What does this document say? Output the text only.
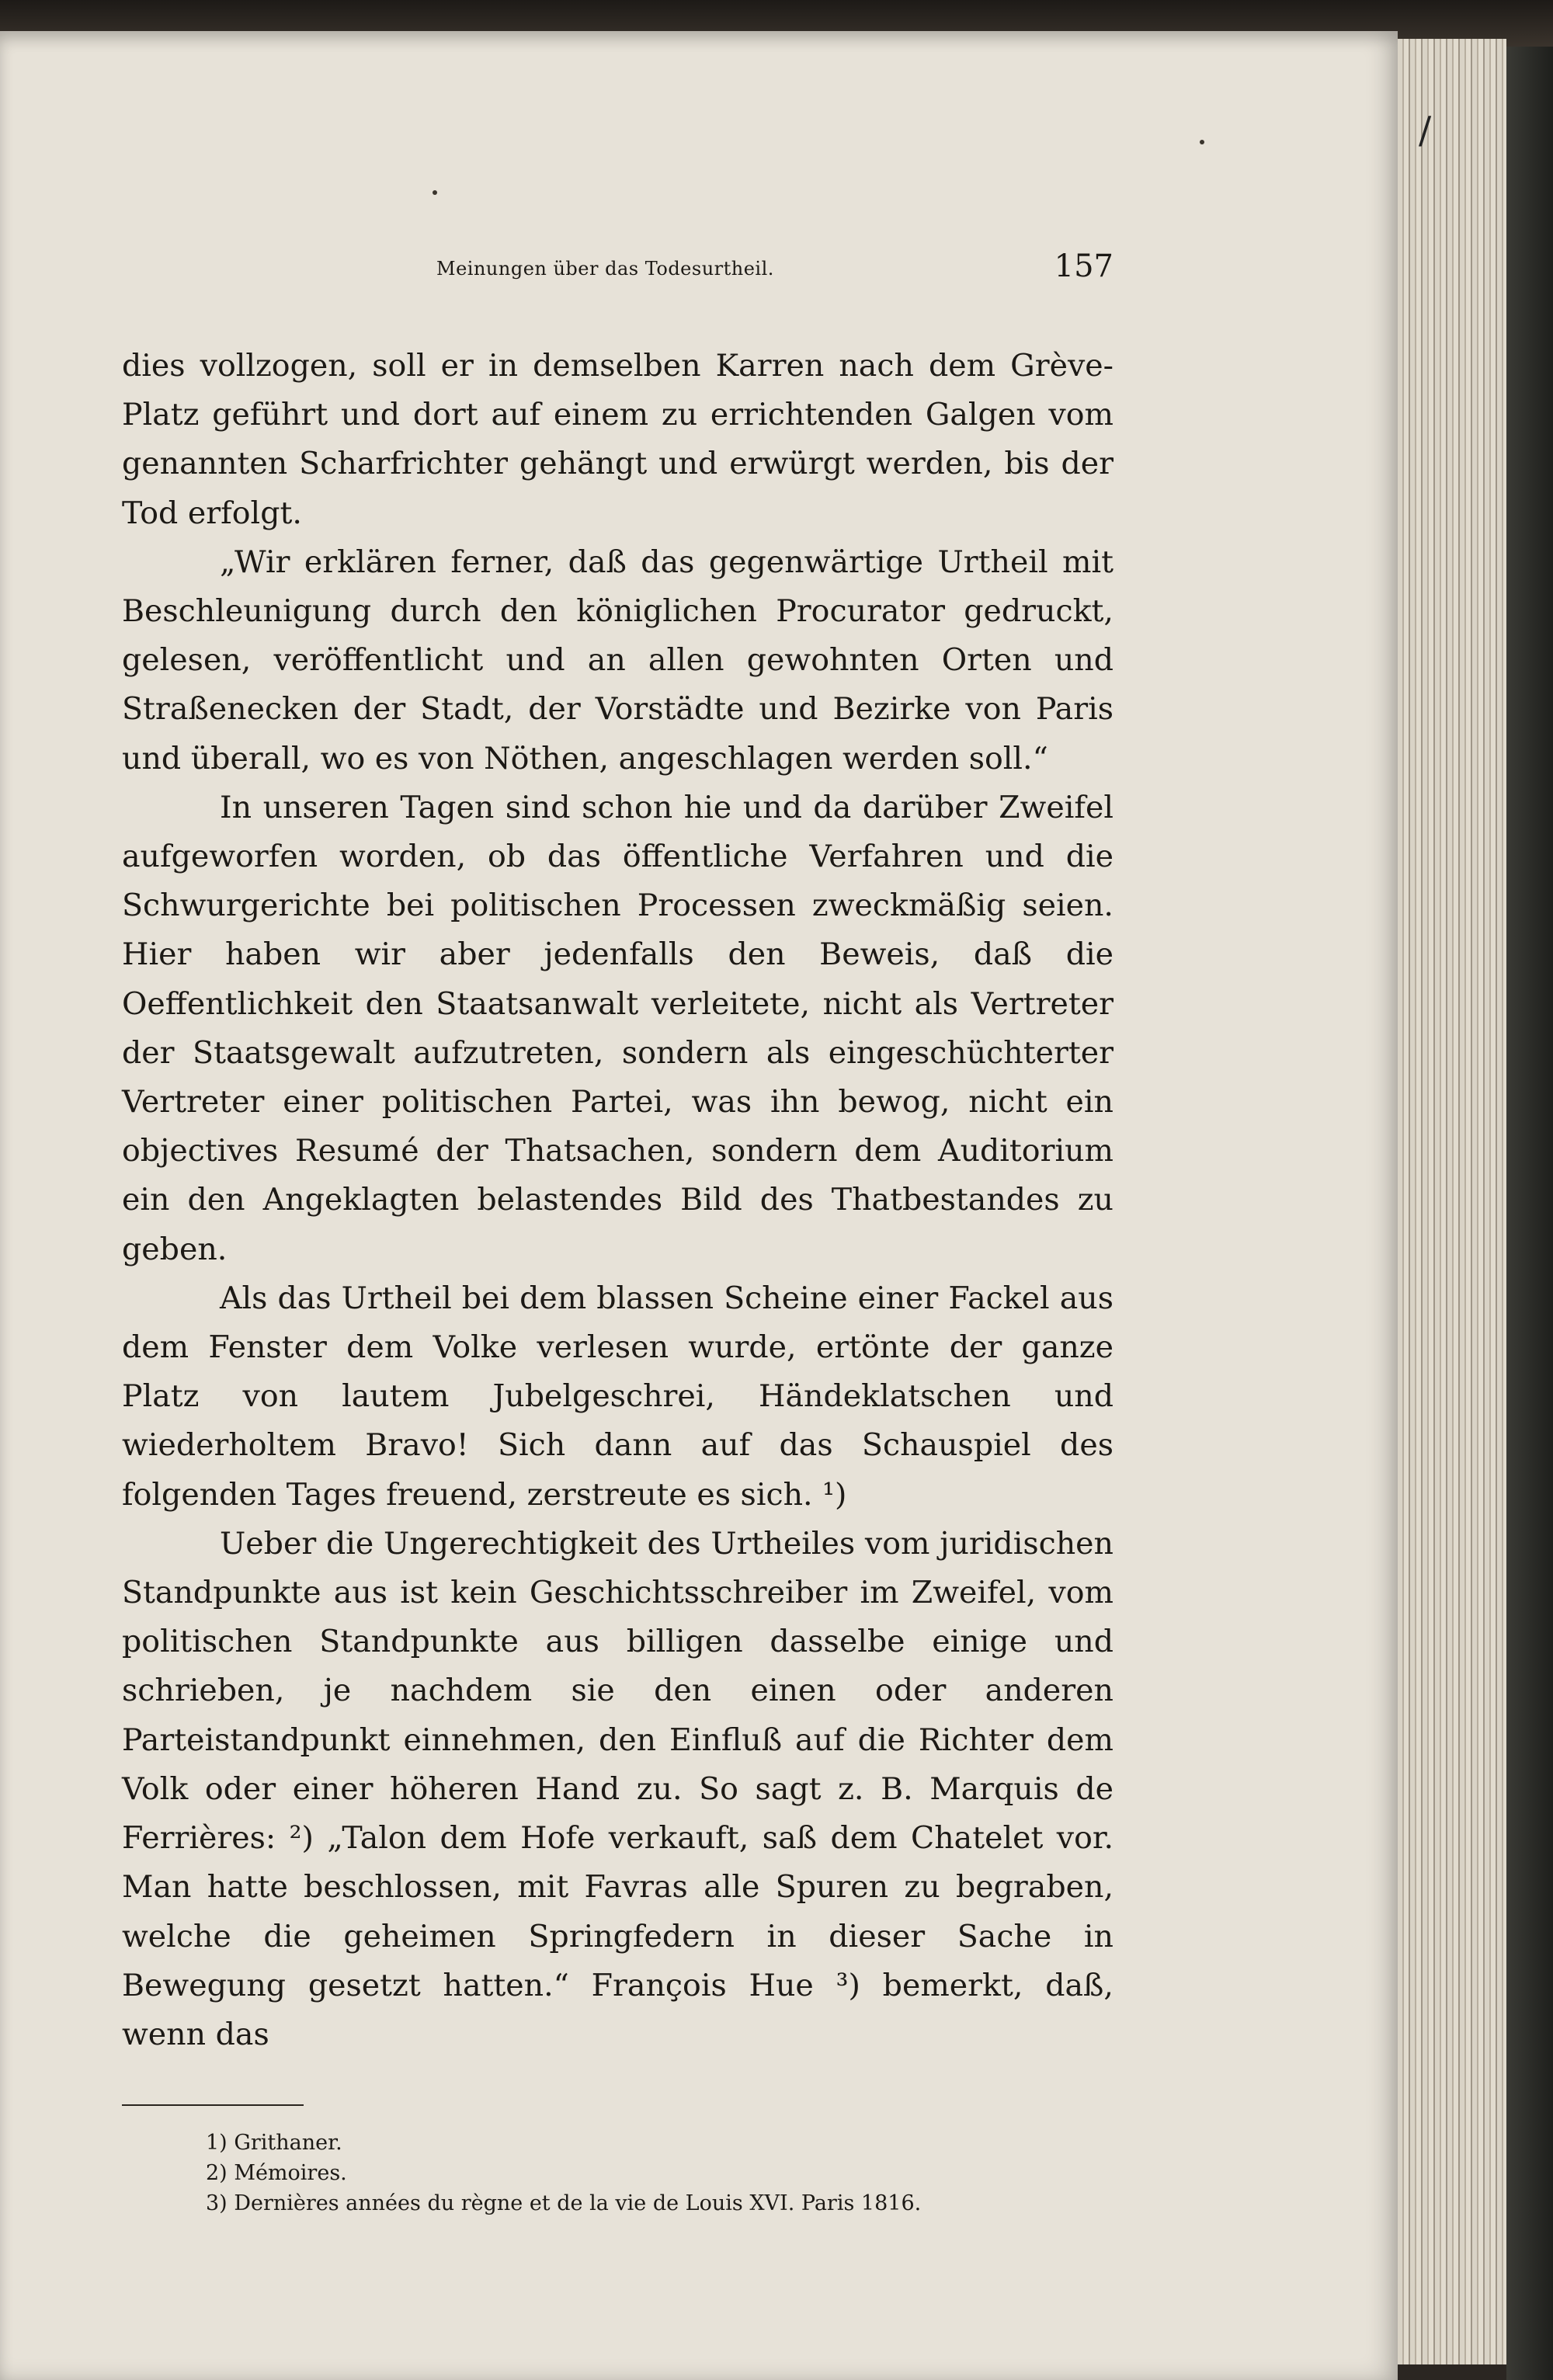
/
Meinungen über das Todesurtheil.	157

dies vollzogen, soll er in demselben Karren nach dem Grève-Platz geführt und dort auf einem zu errichtenden Galgen vom genannten Scharfrichter gehängt und erwürgt werden, bis der Tod erfolgt.

„Wir erklären ferner, daß das gegenwärtige Urtheil mit Beschleunigung durch den königlichen Procurator gedruckt, gelesen, veröffentlicht und an allen gewohnten Orten und Straßenecken der Stadt, der Vorstädte und Bezirke von Paris und überall, wo es von Nöthen, angeschlagen werden soll.“

In unseren Tagen sind schon hie und da darüber Zweifel aufgeworfen worden, ob das öffentliche Verfahren und die Schwurgerichte bei politischen Processen zweckmäßig seien. Hier haben wir aber jedenfalls den Beweis, daß die Oeffentlichkeit den Staatsanwalt verleitete, nicht als Vertreter der Staatsgewalt aufzutreten, sondern als eingeschüchterter Vertreter einer politischen Partei, was ihn bewog, nicht ein objectives Resumé der Thatsachen, sondern dem Auditorium ein den Angeklagten belastendes Bild des Thatbestandes zu geben.

Als das Urtheil bei dem blassen Scheine einer Fackel aus dem Fenster dem Volke verlesen wurde, ertönte der ganze Platz von lautem Jubelgeschrei, Händeklatschen und wiederholtem Bravo! Sich dann auf das Schauspiel des folgenden Tages freuend, zerstreute es sich. ¹)

Ueber die Ungerechtigkeit des Urtheiles vom juridischen Standpunkte aus ist kein Geschichtsschreiber im Zweifel, vom politischen Standpunkte aus billigen dasselbe einige und schrieben, je nachdem sie den einen oder anderen Parteistandpunkt einnehmen, den Einfluß auf die Richter dem Volk oder einer höheren Hand zu. So sagt z. B. Marquis de Ferrières: ²) „Talon dem Hofe verkauft, saß dem Chatelet vor. Man hatte beschlossen, mit Favras alle Spuren zu begraben, welche die geheimen Springfedern in dieser Sache in Bewegung gesetzt hatten.“ François Hue ³) bemerkt, daß, wenn das

1) Grithaner.
2) Mémoires.
3) Dernières années du règne et de la vie de Louis XVI. Paris 1816.
